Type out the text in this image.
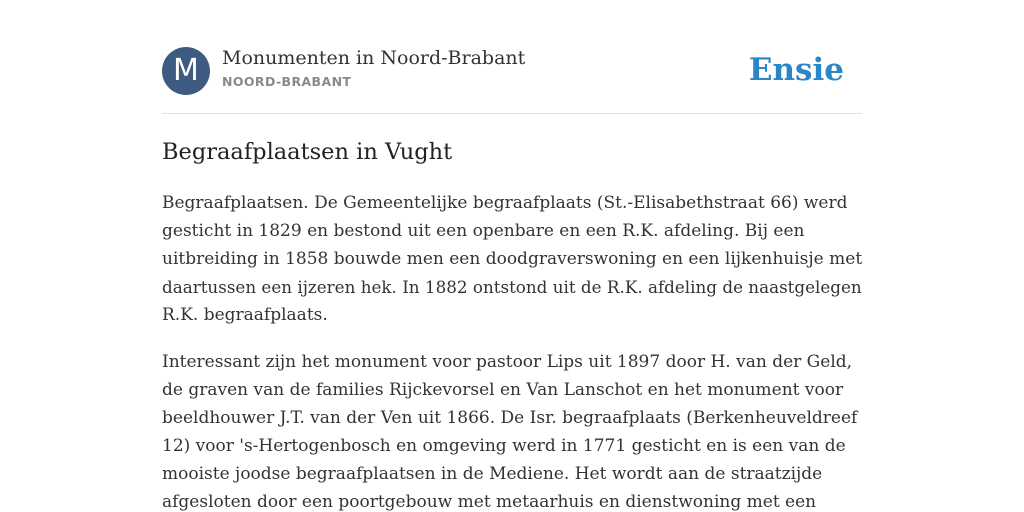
M	Monumenten in Noord-Brabant
NOORD-BRABANT	Ensie
Begraafplaatsen in Vught

Begraafplaatsen. De Gemeentelijke begraafplaats (St.-Elisabethstraat 66) werd
gesticht in 1829 en bestond uit een openbare en een R.K. afdeling. Bij een
uitbreiding in 1858 bouwde men een doodgraverswoning en een lijkenhuisje met
daartussen een ijzeren hek. In 1882 ontstond uit de R.K. afdeling de naastgelegen
R.K. begraafplaats.

Interessant zijn het monument voor pastoor Lips uit 1897 door H. van der Geld,
de graven van de families Rijckevorsel en Van Lanschot en het monument voor
beeldhouwer J.T. van der Ven uit 1866. De Isr. begraafplaats (Berkenheuveldreef
12) voor 's-Hertogenbosch en omgeving werd in 1771 gesticht en is een van de
mooiste joodse begraafplaatsen in de Mediene. Het wordt aan de straatzijde
afgesloten door een poortgebouw met metaarhuis en dienstwoning met een
